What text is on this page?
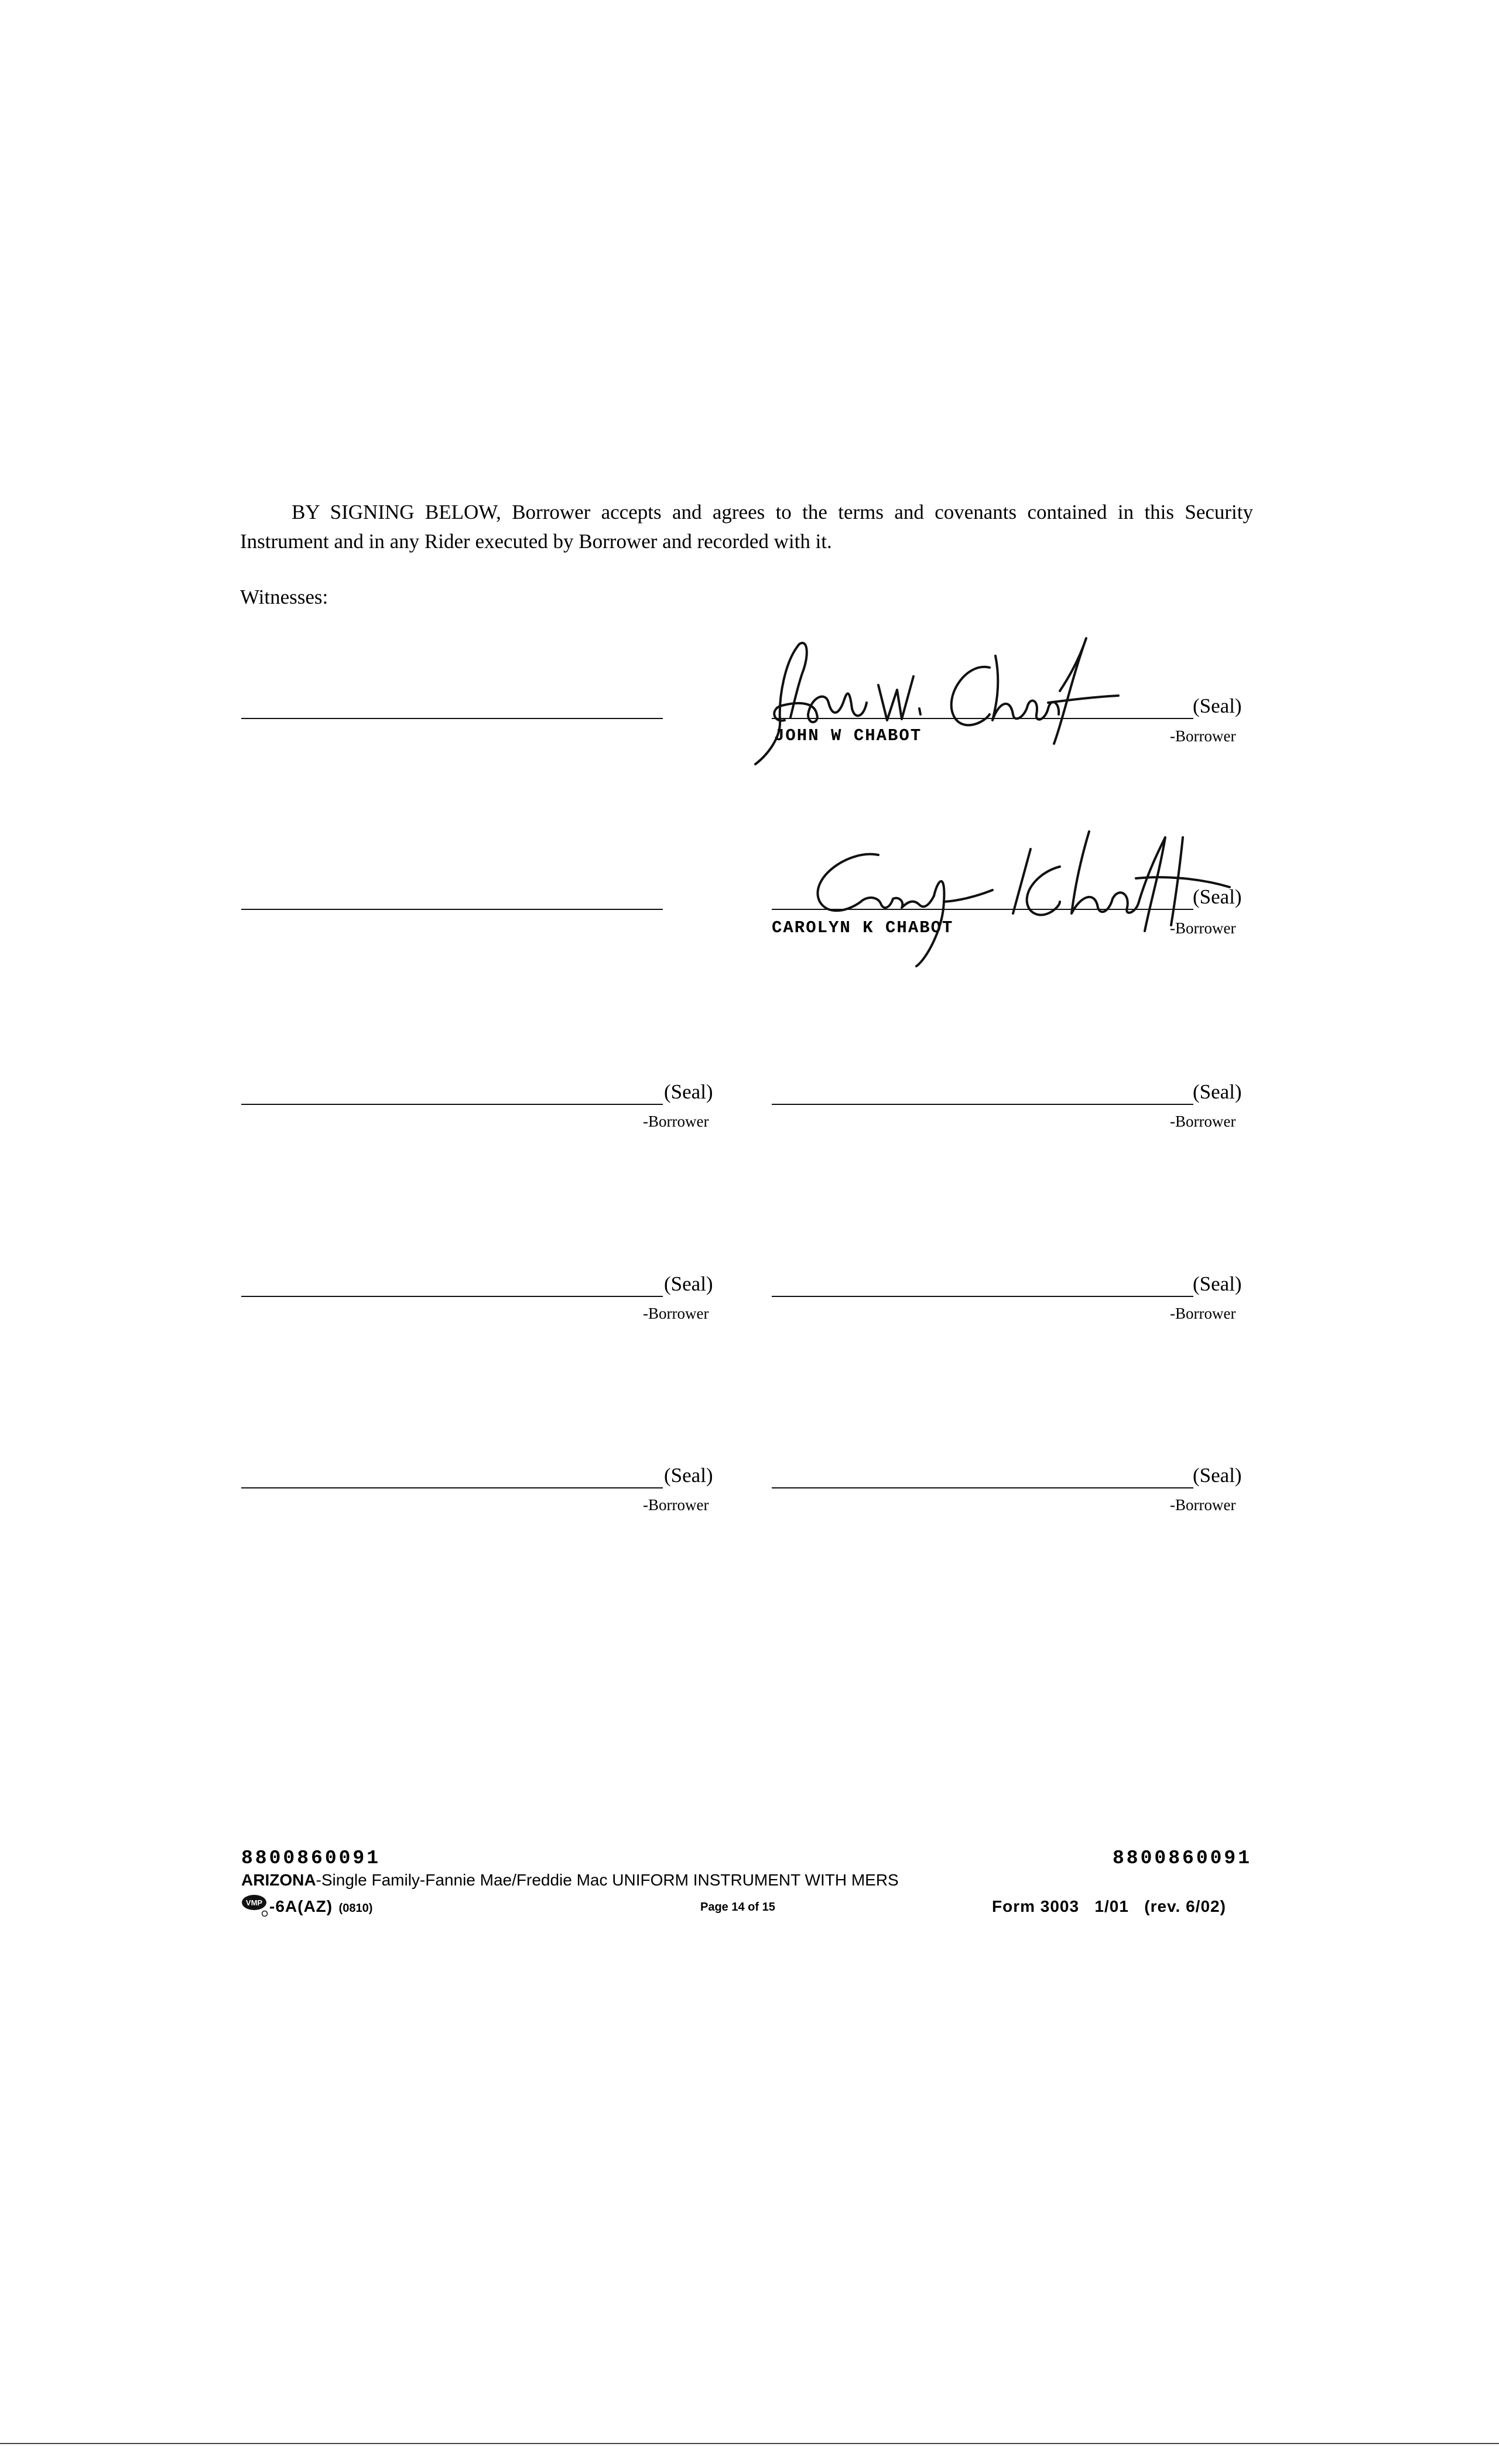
BY SIGNING BELOW, Borrower accepts and agrees to the terms and covenants contained in this Security Instrument and in any Rider executed by Borrower and recorded with it.
Witnesses:
(Seal)
-Borrower
JOHN W CHABOT
(Seal)
-Borrower
CAROLYN K CHABOT
(Seal)
-Borrower
(Seal)
-Borrower
(Seal)
-Borrower
(Seal)
-Borrower
(Seal)
-Borrower
(Seal)
-Borrower
8800860091	8800860091
ARIZONA-Single Family-Fannie Mae/Freddie Mac UNIFORM INSTRUMENT WITH MERS
VMP -6A(AZ) (0810)	Page 14 of 15	Form 3003   1/01   (rev. 6/02)
